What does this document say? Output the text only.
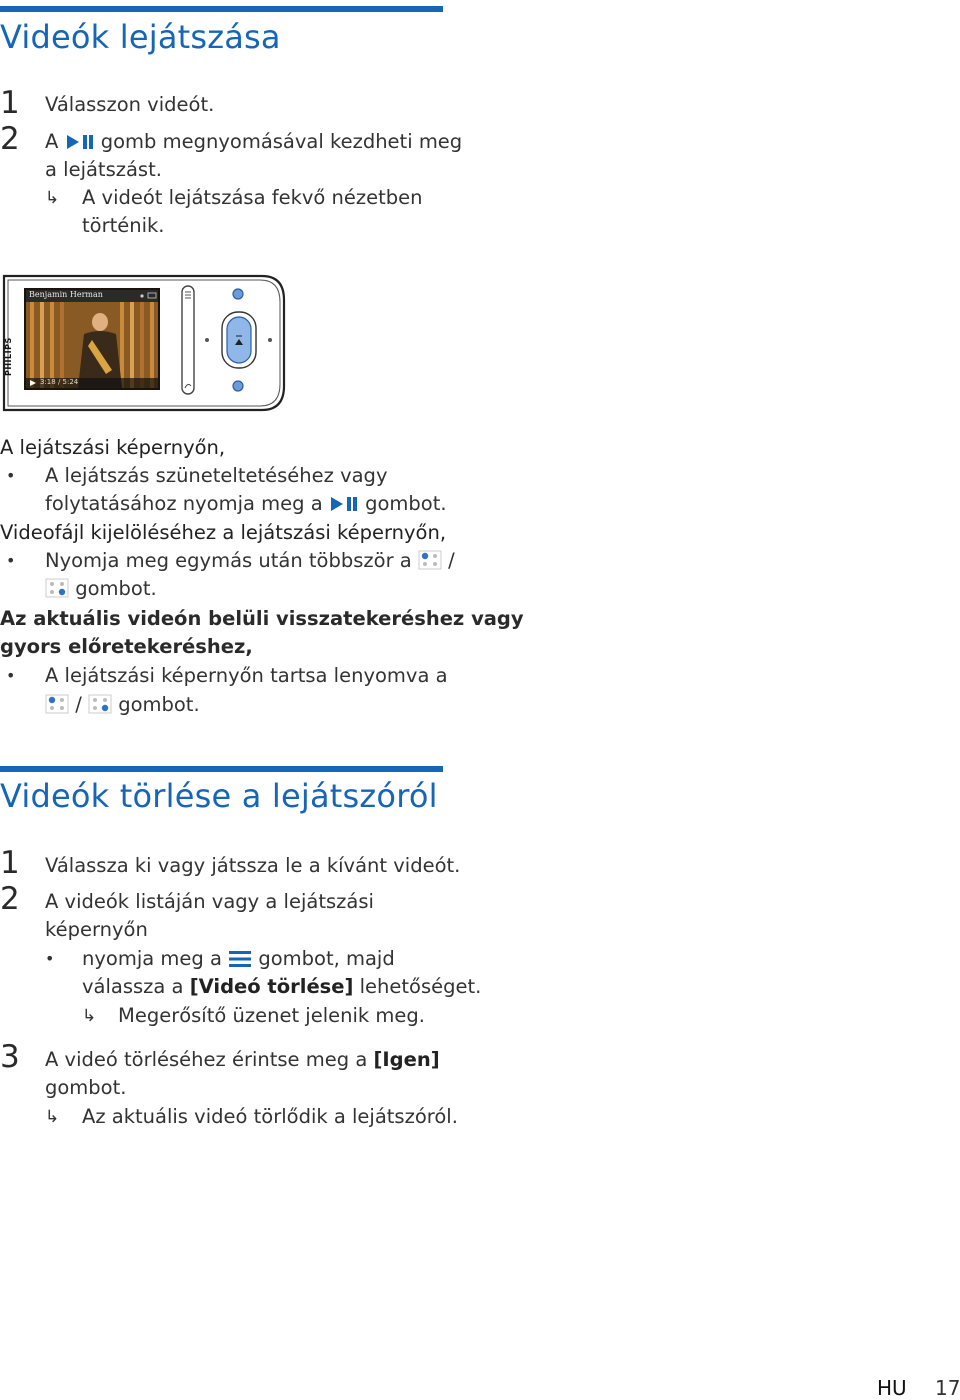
Videók lejátszása
1 Válasszon videót.
2 A gomb megnyomásával kezdheti meg
a lejátszást.
↳ A videót lejátszása fekvő nézetben
történik.
PHILIPS
Benjamin Herman
3:18 / 5:24
A lejátszási képernyőn,
• A lejátszás szüneteltetéséhez vagy
folytatásához nyomja meg a gombot.
Videofájl kijelöléséhez a lejátszási képernyőn,
• Nyomja meg egymás után többször a /
gombot.
Az aktuális videón belüli visszatekeréshez vagy
gyors előretekeréshez,
• A lejátszási képernyőn tartsa lenyomva a
/ gombot.
Videók törlése a lejátszóról
1 Válassza ki vagy játssza le a kívánt videót.
2 A videók listáján vagy a lejátszási
képernyőn
• nyomja meg a gombot, majd
válassza a [Videó törlése] lehetőséget.
↳ Megerősítő üzenet jelenik meg.
3 A videó törléséhez érintse meg a [Igen]
gombot.
↳ Az aktuális videó törlődik a lejátszóról.
HU 17
